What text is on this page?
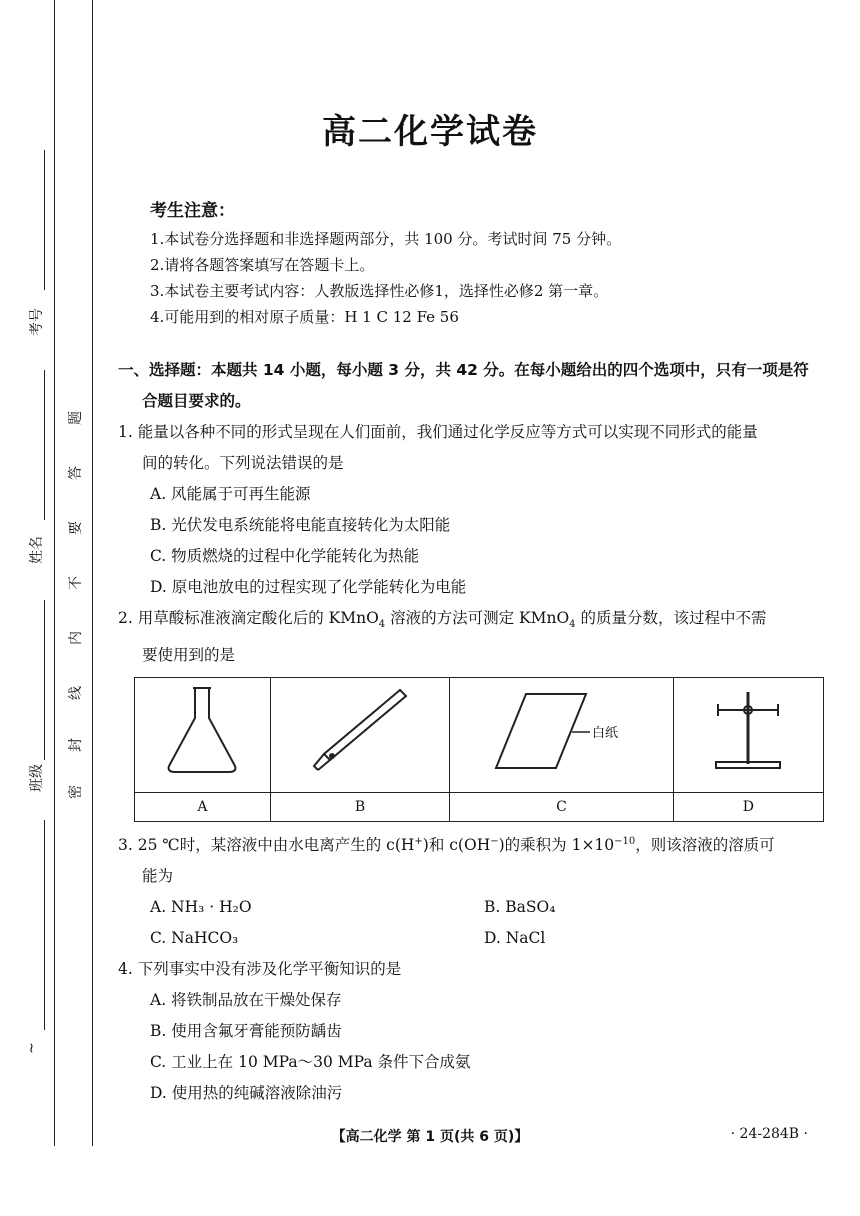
考号
姓名
班级
~
密
封
线
内
不
要
答
题
高二化学试卷
考生注意：
1.本试卷分选择题和非选择题两部分，共 100 分。考试时间 75 分钟。
2.请将各题答案填写在答题卡上。
3.本试卷主要考试内容：人教版选择性必修1，选择性必修2 第一章。
4.可能用到的相对原子质量：H 1 C 12 Fe 56
一、选择题：本题共 14 小题，每小题 3 分，共 42 分。在每小题给出的四个选项中，只有一项是符
合题目要求的。
1. 能量以各种不同的形式呈现在人们面前，我们通过化学反应等方式可以实现不同形式的能量
间的转化。下列说法错误的是
A. 风能属于可再生能源
B. 光伏发电系统能将电能直接转化为太阳能
C. 物质燃烧的过程中化学能转化为热能
D. 原电池放电的过程实现了化学能转化为电能
2. 用草酸标准液滴定酸化后的 KMnO$_4$ 溶液的方法可测定 KMnO$_4$ 的质量分数，该过程中不需
要使用到的是

白纸

A	B	C	D
3. 25 ℃时，某溶液中由水电离产生的 c(H+)和 c(OH−)的乘积为 $1\times 10^{-10}$，则该溶液的溶质可
能为
A. NH₃ · H₂O	B. BaSO₄
C. NaHCO₃	D. NaCl
4. 下列事实中没有涉及化学平衡知识的是
A. 将铁制品放在干燥处保存
B. 使用含氟牙膏能预防龋齿
C. 工业上在 10 MPa～30 MPa 条件下合成氨
D. 使用热的纯碱溶液除油污
【高二化学 第 1 页(共 6 页)】	· 24-284B ·
